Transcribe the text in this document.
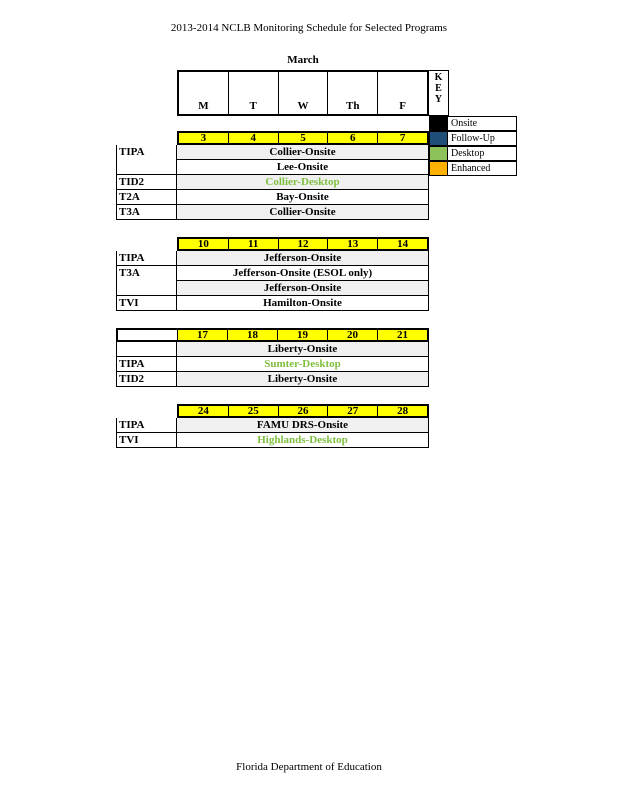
2013-2014 NCLB Monitoring Schedule for Selected Programs
March
M	T	W	Th	F
K
E
Y
Onsite
Follow-Up
Desktop
Enhanced
3	4	5	6	7
TIPA	Collier-Onsite
Lee-Onsite
TID2	Collier-Desktop
T2A	Bay-Onsite
T3A	Collier-Onsite
10	11	12	13	14
TIPA	Jefferson-Onsite
T3A	Jefferson-Onsite (ESOL only)
Jefferson-Onsite
TVI	Hamilton-Onsite
17	18	19	20	21
Liberty-Onsite
TIPA	Sumter-Desktop
TID2	Liberty-Onsite
24	25	26	27	28
TIPA	FAMU DRS-Onsite
TVI	Highlands-Desktop
Florida Department of Education
